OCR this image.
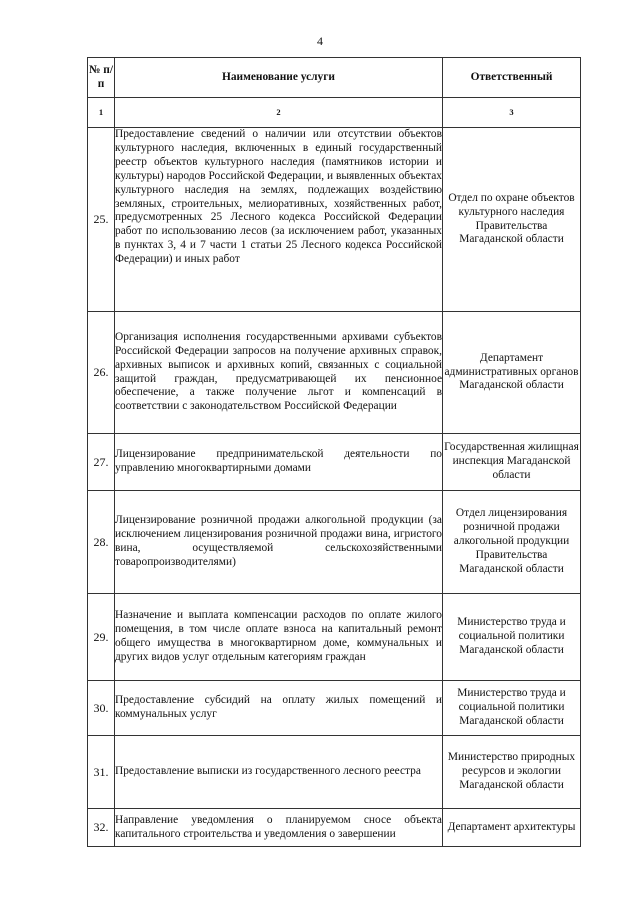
4
№ п/п	Наименование услуги	Ответственный
1	2	3
25.	Предоставление сведений о наличии или отсутствии объектов культурного наследия, включенных в единый государственный реестр объектов культурного наследия (памятников истории и культуры) народов Российской Федерации, и выявленных объектах культурного наследия на землях, подлежащих воздействию земляных, строительных, мелиоративных, хозяйственных работ, предусмотренных 25 Лесного кодекса Российской Федерации работ по использованию лесов (за исключением работ, указанных в пунктах 3, 4 и 7 части 1 статьи 25 Лесного кодекса Российской Федерации) и иных работ	Отдел по охране объектов культурного наследия Правительства Магаданской области
26.	Организация исполнения государственными архивами субъектов Российской Федерации запросов на получение архивных справок, архивных выписок и архивных копий, связанных с социальной защитой граждан, предусматривающей их пенсионное обеспечение, а также получение льгот и компенсаций в соответствии с законодательством Российской Федерации	Департамент административных органов Магаданской области
27.	Лицензирование предпринимательской деятельности по управлению многоквартирными домами	Государственная жилищная инспекция Магаданской области
28.	Лицензирование розничной продажи алкогольной продукции (за исключением лицензирования розничной продажи вина, игристого вина, осуществляемой сельскохозяйственными товаропроизводителями)	Отдел лицензирования розничной продажи алкогольной продукции Правительства Магаданской области
29.	Назначение и выплата компенсации расходов по оплате жилого помещения, в том числе оплате взноса на капитальный ремонт общего имущества в многоквартирном доме, коммунальных и других видов услуг отдельным категориям граждан	Министерство труда и социальной политики Магаданской области
30.	Предоставление субсидий на оплату жилых помещений и коммунальных услуг	Министерство труда и социальной политики Магаданской области
31.	Предоставление выписки из государственного лесного реестра	Министерство природных ресурсов и экологии Магаданской области
32.	Направление уведомления о планируемом сносе объекта капитального строительства и уведомления о завершении	Департамент архитектуры
